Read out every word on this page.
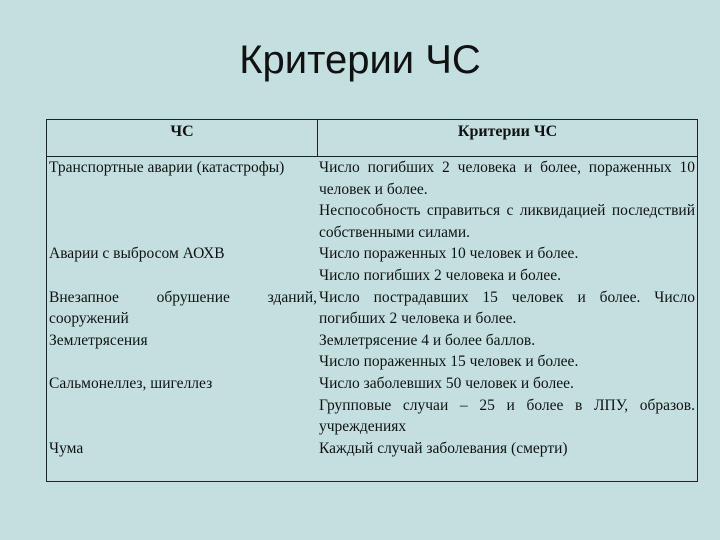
Критерии ЧС
ЧС	Критерии ЧС
Транспортные аварии (катастрофы)
Аварии с выбросом АОХВ
Внезапное обрушение зданий, сооружений
Землетрясения
Сальмонеллез, шигеллез
Чума
Число погибших 2 человека и более, пораженных 10 человек и более.
Неспособность справиться с ликвидацией последствий собственными силами.
Число пораженных 10 человек и более.
Число погибших 2 человека и более.
Число пострадавших 15 человек и более. Число погибших 2 человека и более.
Землетрясение 4 и более баллов.
Число пораженных 15 человек и более.
Число заболевших 50 человек и более.
Групповые случаи – 25 и более в ЛПУ, образов. учреждениях
Каждый случай заболевания (смерти)
